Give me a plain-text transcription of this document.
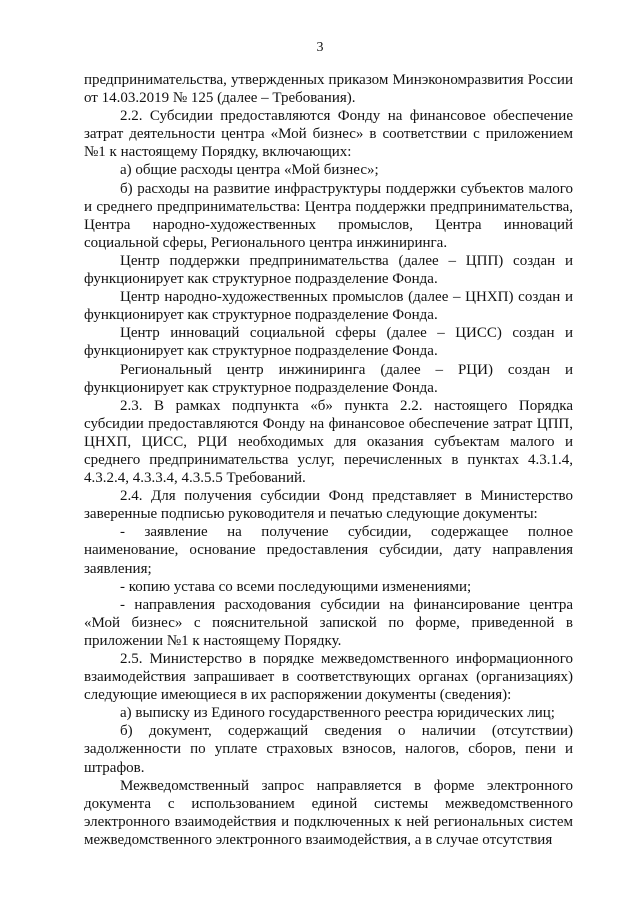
3

предпринимательства, утвержденных приказом Минэкономразвития России от 14.03.2019 № 125 (далее – Требования).

2.2. Субсидии предоставляются Фонду на финансовое обеспечение затрат деятельности центра «Мой бизнес» в соответствии с приложением №1 к настоящему Порядку, включающих:

а) общие расходы центра «Мой бизнес»;

б) расходы на развитие инфраструктуры поддержки субъектов малого и среднего предпринимательства: Центра поддержки предпринимательства, Центра народно-художественных промыслов, Центра инноваций социальной сферы, Регионального центра инжиниринга.

Центр поддержки предпринимательства (далее – ЦПП) создан и функционирует как структурное подразделение Фонда.

Центр народно-художественных промыслов (далее – ЦНХП) создан и функционирует как структурное подразделение Фонда.

Центр инноваций социальной сферы (далее – ЦИСС) создан и функционирует как структурное подразделение Фонда.

Региональный центр инжиниринга (далее – РЦИ) создан и функционирует как структурное подразделение Фонда.

2.3. В рамках подпункта «б» пункта 2.2. настоящего Порядка субсидии предоставляются Фонду на финансовое обеспечение затрат ЦПП, ЦНХП, ЦИСС, РЦИ необходимых для оказания субъектам малого и среднего предпринимательства услуг, перечисленных в пунктах 4.3.1.4, 4.3.2.4, 4.3.3.4, 4.3.5.5 Требований.

2.4. Для получения субсидии Фонд представляет в Министерство заверенные подписью руководителя и печатью следующие документы:

- заявление на получение субсидии, содержащее полное наименование, основание предоставления субсидии, дату направления заявления;

- копию устава со всеми последующими изменениями;

- направления расходования субсидии на финансирование центра «Мой бизнес» с пояснительной запиской по форме, приведенной в приложении №1 к настоящему Порядку.

2.5. Министерство в порядке межведомственного информационного взаимодействия запрашивает в соответствующих органах (организациях) следующие имеющиеся в их распоряжении документы (сведения):

а) выписку из Единого государственного реестра юридических лиц;

б) документ, содержащий сведения о наличии (отсутствии) задолженности по уплате страховых взносов, налогов, сборов, пени и штрафов.

Межведомственный запрос направляется в форме электронного документа с использованием единой системы межведомственного электронного взаимодействия и подключенных к ней региональных систем межведомственного электронного взаимодействия, а в случае отсутствия
